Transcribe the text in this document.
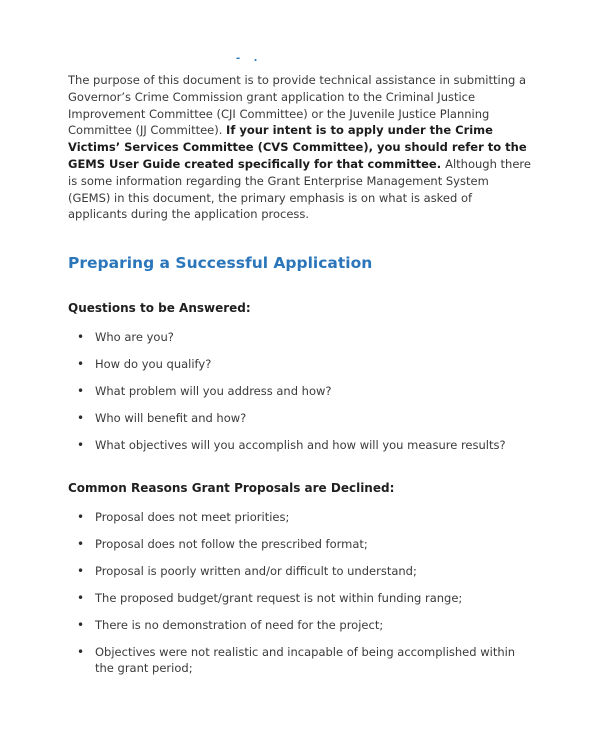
- .

The purpose of this document is to provide technical assistance in submitting a Governor’s Crime Commission grant application to the Criminal Justice Improvement Committee (CJI Committee) or the Juvenile Justice Planning Committee (JJ Committee). If your intent is to apply under the Crime Victims’ Services Committee (CVS Committee), you should refer to the GEMS User Guide created specifically for that committee. Although there is some information regarding the Grant Enterprise Management System (GEMS) in this document, the primary emphasis is on what is asked of applicants during the application process.

Preparing a Successful Application
Questions to be Answered:
• Who are you?
• How do you qualify?
• What problem will you address and how?
• Who will benefit and how?
• What objectives will you accomplish and how will you measure results?
Common Reasons Grant Proposals are Declined:
• Proposal does not meet priorities;
• Proposal does not follow the prescribed format;
• Proposal is poorly written and/or difficult to understand;
• The proposed budget/grant request is not within funding range;
• There is no demonstration of need for the project;
• Objectives were not realistic and incapable of being accomplished within the grant period;
